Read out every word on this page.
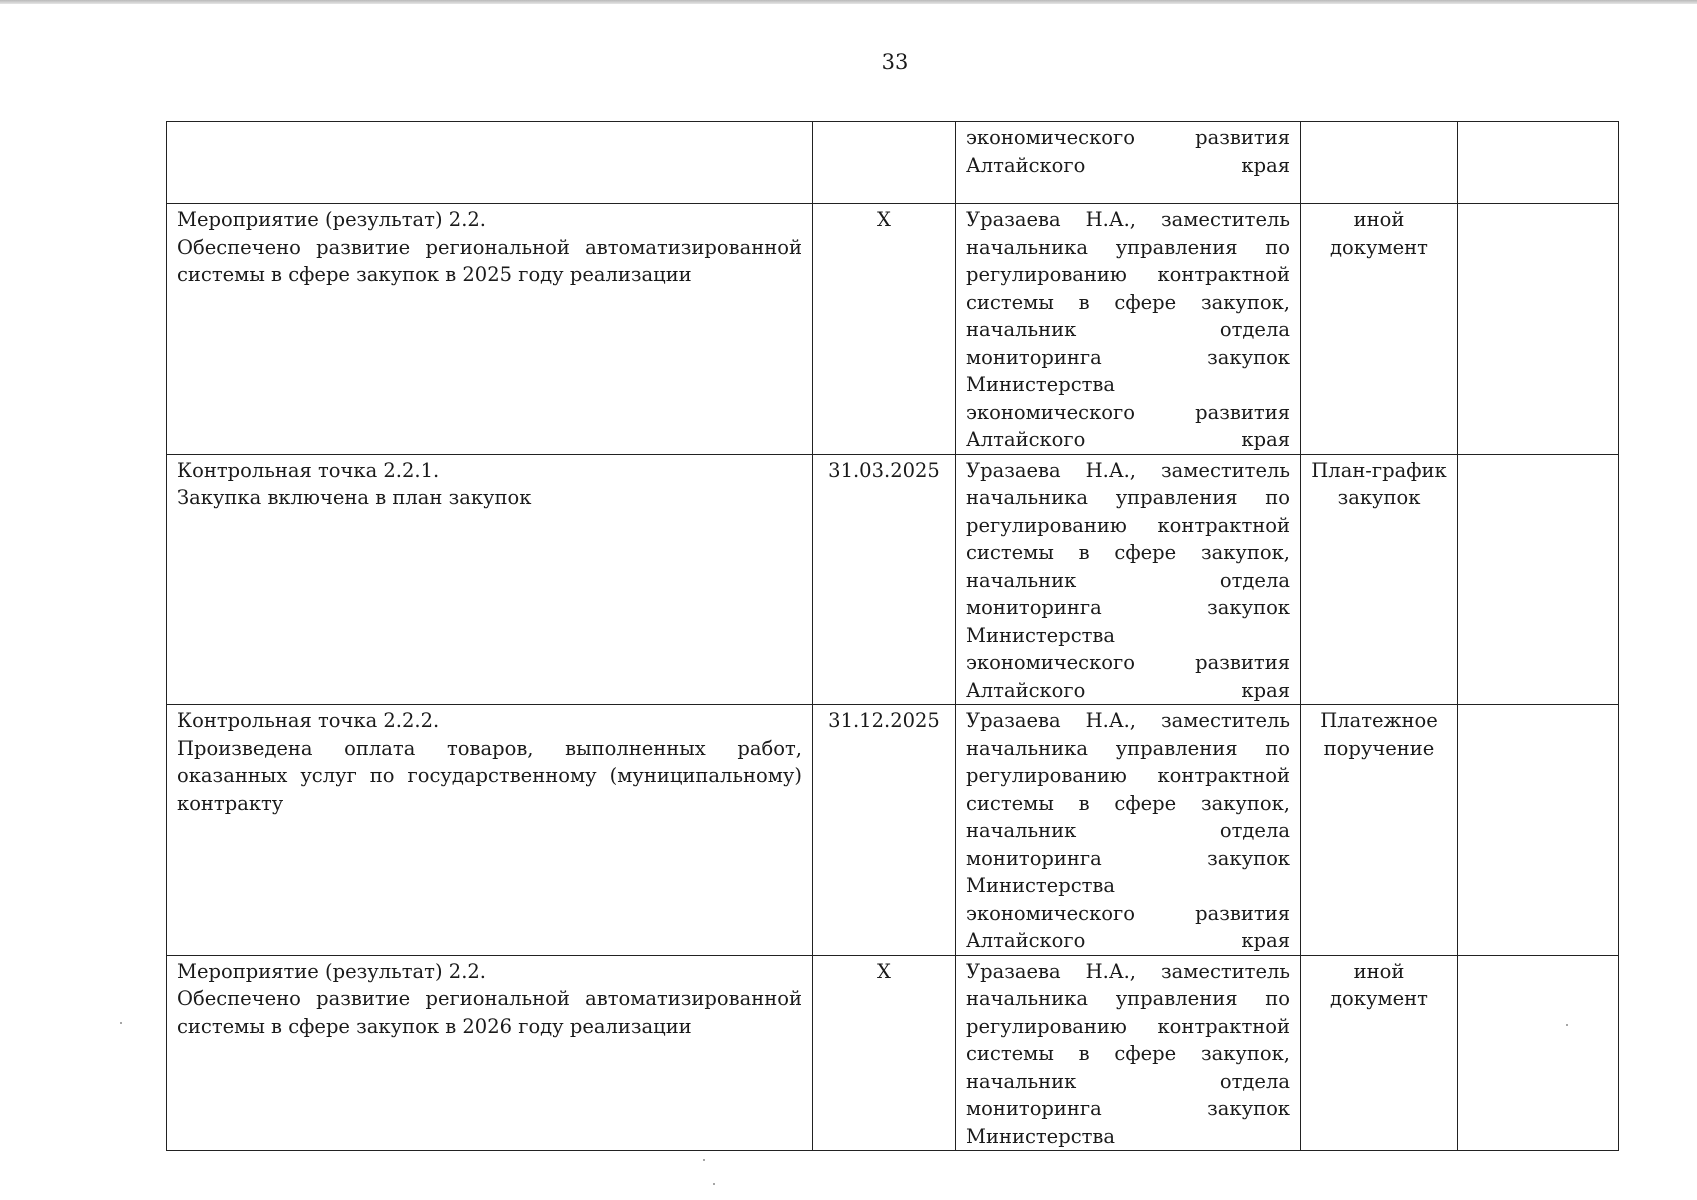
33
		экономического развития Алтайского края		

Мероприятие (результат) 2.2.
Обеспечено развитие региональной автоматизированной системы в сфере закупок в 2025 году реализации	X	Уразаева Н.А., заместитель начальника управления по регулированию контрактной системы в сфере закупок, начальник отдела мониторинга закупок Министерства экономического развития Алтайского края	иной документ	

Контрольная точка 2.2.1.
Закупка включена в план закупок	31.03.2025	Уразаева Н.А., заместитель начальника управления по регулированию контрактной системы в сфере закупок, начальник отдела мониторинга закупок Министерства экономического развития Алтайского края	План-график закупок	

Контрольная точка 2.2.2.
Произведена оплата товаров, выполненных работ, оказанных услуг по государственному (муниципальному) контракту	31.12.2025	Уразаева Н.А., заместитель начальника управления по регулированию контрактной системы в сфере закупок, начальник отдела мониторинга закупок Министерства экономического развития Алтайского края	Платежное поручение	

Мероприятие (результат) 2.2.
Обеспечено развитие региональной автоматизированной системы в сфере закупок в 2026 году реализации	X	Уразаева Н.А., заместитель начальника управления по регулированию контрактной системы в сфере закупок, начальник отдела мониторинга закупок Министерства	иной документ	
